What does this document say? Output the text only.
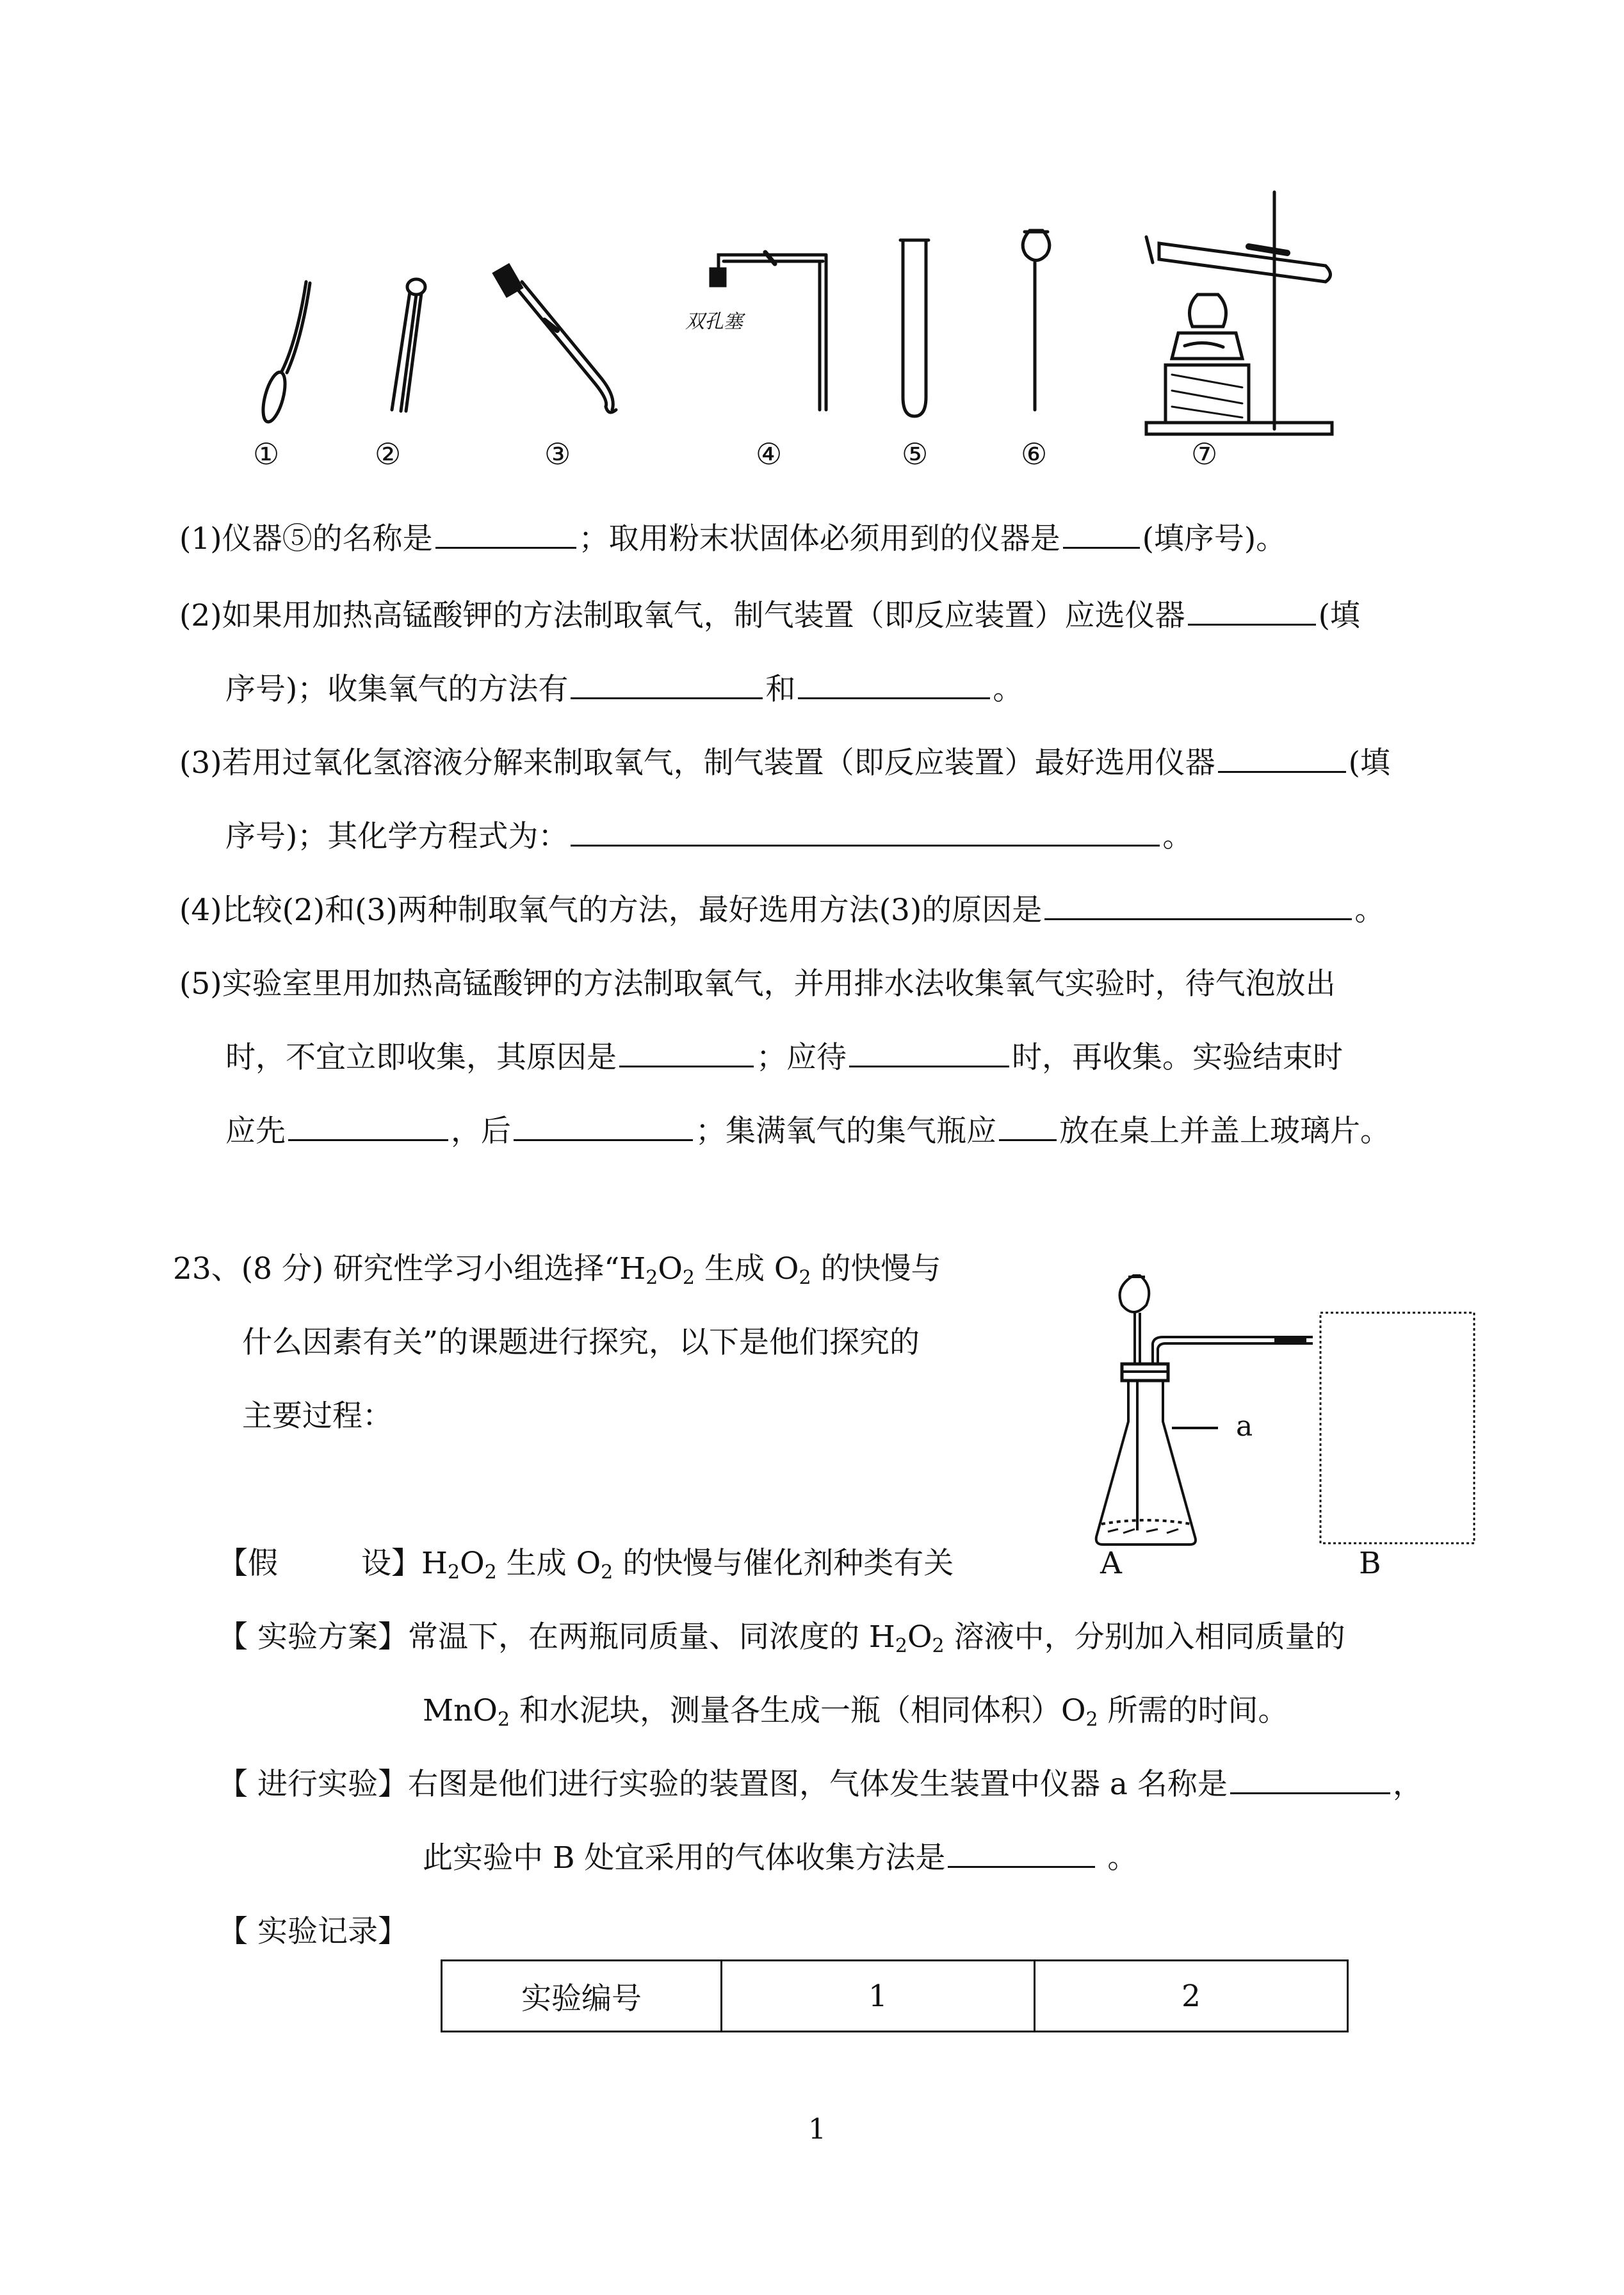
①	②	③	④	⑤	⑥	⑦
双孔塞
(1)仪器⑤的名称是	；取用粉末状固体必须用到的仪器是	(填序号)。
(2)如果用加热高锰酸钾的方法制取氧气，制气装置（即反应装置）应选仪器	(填
序号)；收集氧气的方法有	和	。
(3)若用过氧化氢溶液分解来制取氧气，制气装置（即反应装置）最好选用仪器	(填
序号)；其化学方程式为：	。
(4)比较(2)和(3)两种制取氧气的方法，最好选用方法(3)的原因是	。
(5)实验室里用加热高锰酸钾的方法制取氧气，并用排水法收集氧气实验时，待气泡放出
时，不宜立即收集，其原因是	；应待	时，再收集。实验结束时
应先	，后	；集满氧气的集气瓶应 放在桌上并盖上玻璃片。
23、(8 分) 研究性学习小组选择“$H_2O_2$ 生成 $O_2$ 的快慢与
什么因素有关”的课题进行探究，以下是他们探究的
主要过程：	a
A	B
【假	设】$H_2O_2$ 生成 $O_2$ 的快慢与催化剂种类有关
【 实验方案】常温下，在两瓶同质量、同浓度的 $H_2O_2$ 溶液中，分别加入相同质量的
MnO$_2$ 和水泥块，测量各生成一瓶（相同体积）$O_2$ 所需的时间。
【 进行实验】右图是他们进行实验的装置图，气体发生装置中仪器 a 名称是	，
此实验中 B 处宜采用的气体收集方法是	。
【 实验记录】
实验编号	1	2
1
